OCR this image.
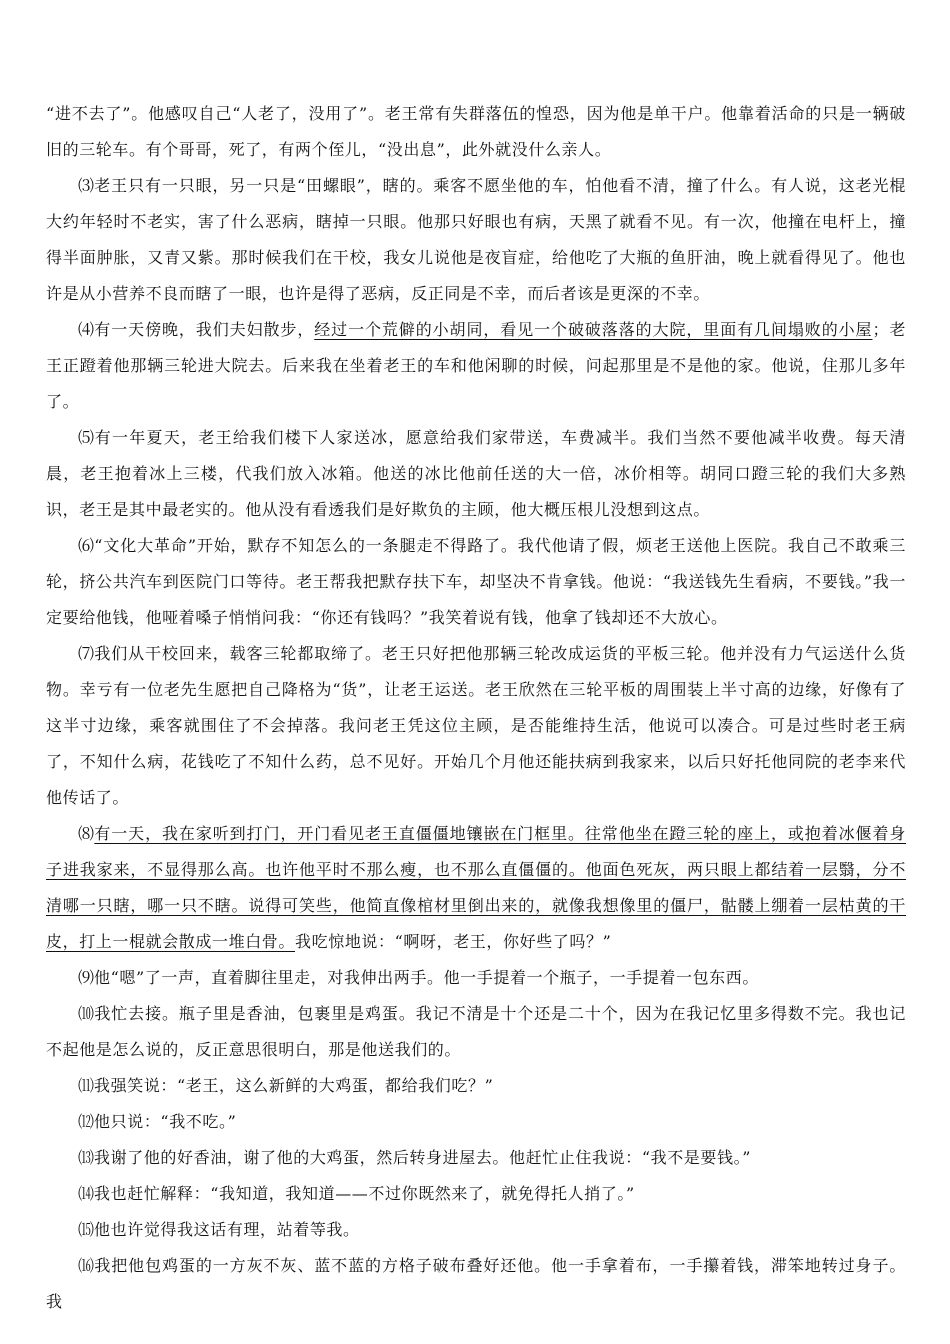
“进不去了”。他感叹自己“人老了，没用了”。老王常有失群落伍的惶恐，因为他是单干户。他靠着活命的只是一辆破旧的三轮车。有个哥哥，死了，有两个侄儿，“没出息”，此外就没什么亲人。

⑶老王只有一只眼，另一只是“田螺眼”，瞎的。乘客不愿坐他的车，怕他看不清，撞了什么。有人说，这老光棍大约年轻时不老实，害了什么恶病，瞎掉一只眼。他那只好眼也有病，天黑了就看不见。有一次，他撞在电杆上，撞得半面肿胀，又青又紫。那时候我们在干校，我女儿说他是夜盲症，给他吃了大瓶的鱼肝油，晚上就看得见了。他也许是从小营养不良而瞎了一眼，也许是得了恶病，反正同是不幸，而后者该是更深的不幸。

⑷有一天傍晚，我们夫妇散步，经过一个荒僻的小胡同，看见一个破破落落的大院，里面有几间塌败的小屋；老王正蹬着他那辆三轮进大院去。后来我在坐着老王的车和他闲聊的时候，问起那里是不是他的家。他说，住那儿多年了。

⑸有一年夏天，老王给我们楼下人家送冰，愿意给我们家带送，车费减半。我们当然不要他减半收费。每天清晨，老王抱着冰上三楼，代我们放入冰箱。他送的冰比他前任送的大一倍，冰价相等。胡同口蹬三轮的我们大多熟识，老王是其中最老实的。他从没有看透我们是好欺负的主顾，他大概压根儿没想到这点。

⑹“文化大革命”开始，默存不知怎么的一条腿走不得路了。我代他请了假，烦老王送他上医院。我自己不敢乘三轮，挤公共汽车到医院门口等待。老王帮我把默存扶下车，却坚决不肯拿钱。他说：“我送钱先生看病，不要钱。”我一定要给他钱，他哑着嗓子悄悄问我：“你还有钱吗？”我笑着说有钱，他拿了钱却还不大放心。

⑺我们从干校回来，载客三轮都取缔了。老王只好把他那辆三轮改成运货的平板三轮。他并没有力气运送什么货物。幸亏有一位老先生愿把自己降格为“货”，让老王运送。老王欣然在三轮平板的周围装上半寸高的边缘，好像有了这半寸边缘，乘客就围住了不会掉落。我问老王凭这位主顾，是否能维持生活，他说可以凑合。可是过些时老王病了，不知什么病，花钱吃了不知什么药，总不见好。开始几个月他还能扶病到我家来，以后只好托他同院的老李来代他传话了。

⑻有一天，我在家听到打门，开门看见老王直僵僵地镶嵌在门框里。往常他坐在蹬三轮的座上，或抱着冰偃着身子进我家来，不显得那么高。也许他平时不那么瘦，也不那么直僵僵的。他面色死灰，两只眼上都结着一层翳，分不清哪一只瞎，哪一只不瞎。说得可笑些，他简直像棺材里倒出来的，就像我想像里的僵尸，骷髅上绷着一层枯黄的干皮，打上一棍就会散成一堆白骨。我吃惊地说：“啊呀，老王，你好些了吗？”

⑼他“嗯”了一声，直着脚往里走，对我伸出两手。他一手提着一个瓶子，一手提着一包东西。

⑽我忙去接。瓶子里是香油，包裹里是鸡蛋。我记不清是十个还是二十个，因为在我记忆里多得数不完。我也记不起他是怎么说的，反正意思很明白，那是他送我们的。

⑾我强笑说：“老王，这么新鲜的大鸡蛋，都给我们吃？”

⑿他只说：“我不吃。”

⒀我谢了他的好香油，谢了他的大鸡蛋，然后转身进屋去。他赶忙止住我说：“我不是要钱。”

⒁我也赶忙解释：“我知道，我知道——不过你既然来了，就免得托人捎了。”

⒂他也许觉得我这话有理，站着等我。

⒃我把他包鸡蛋的一方灰不灰、蓝不蓝的方格子破布叠好还他。他一手拿着布，一手攥着钱，滞笨地转过身子。我
